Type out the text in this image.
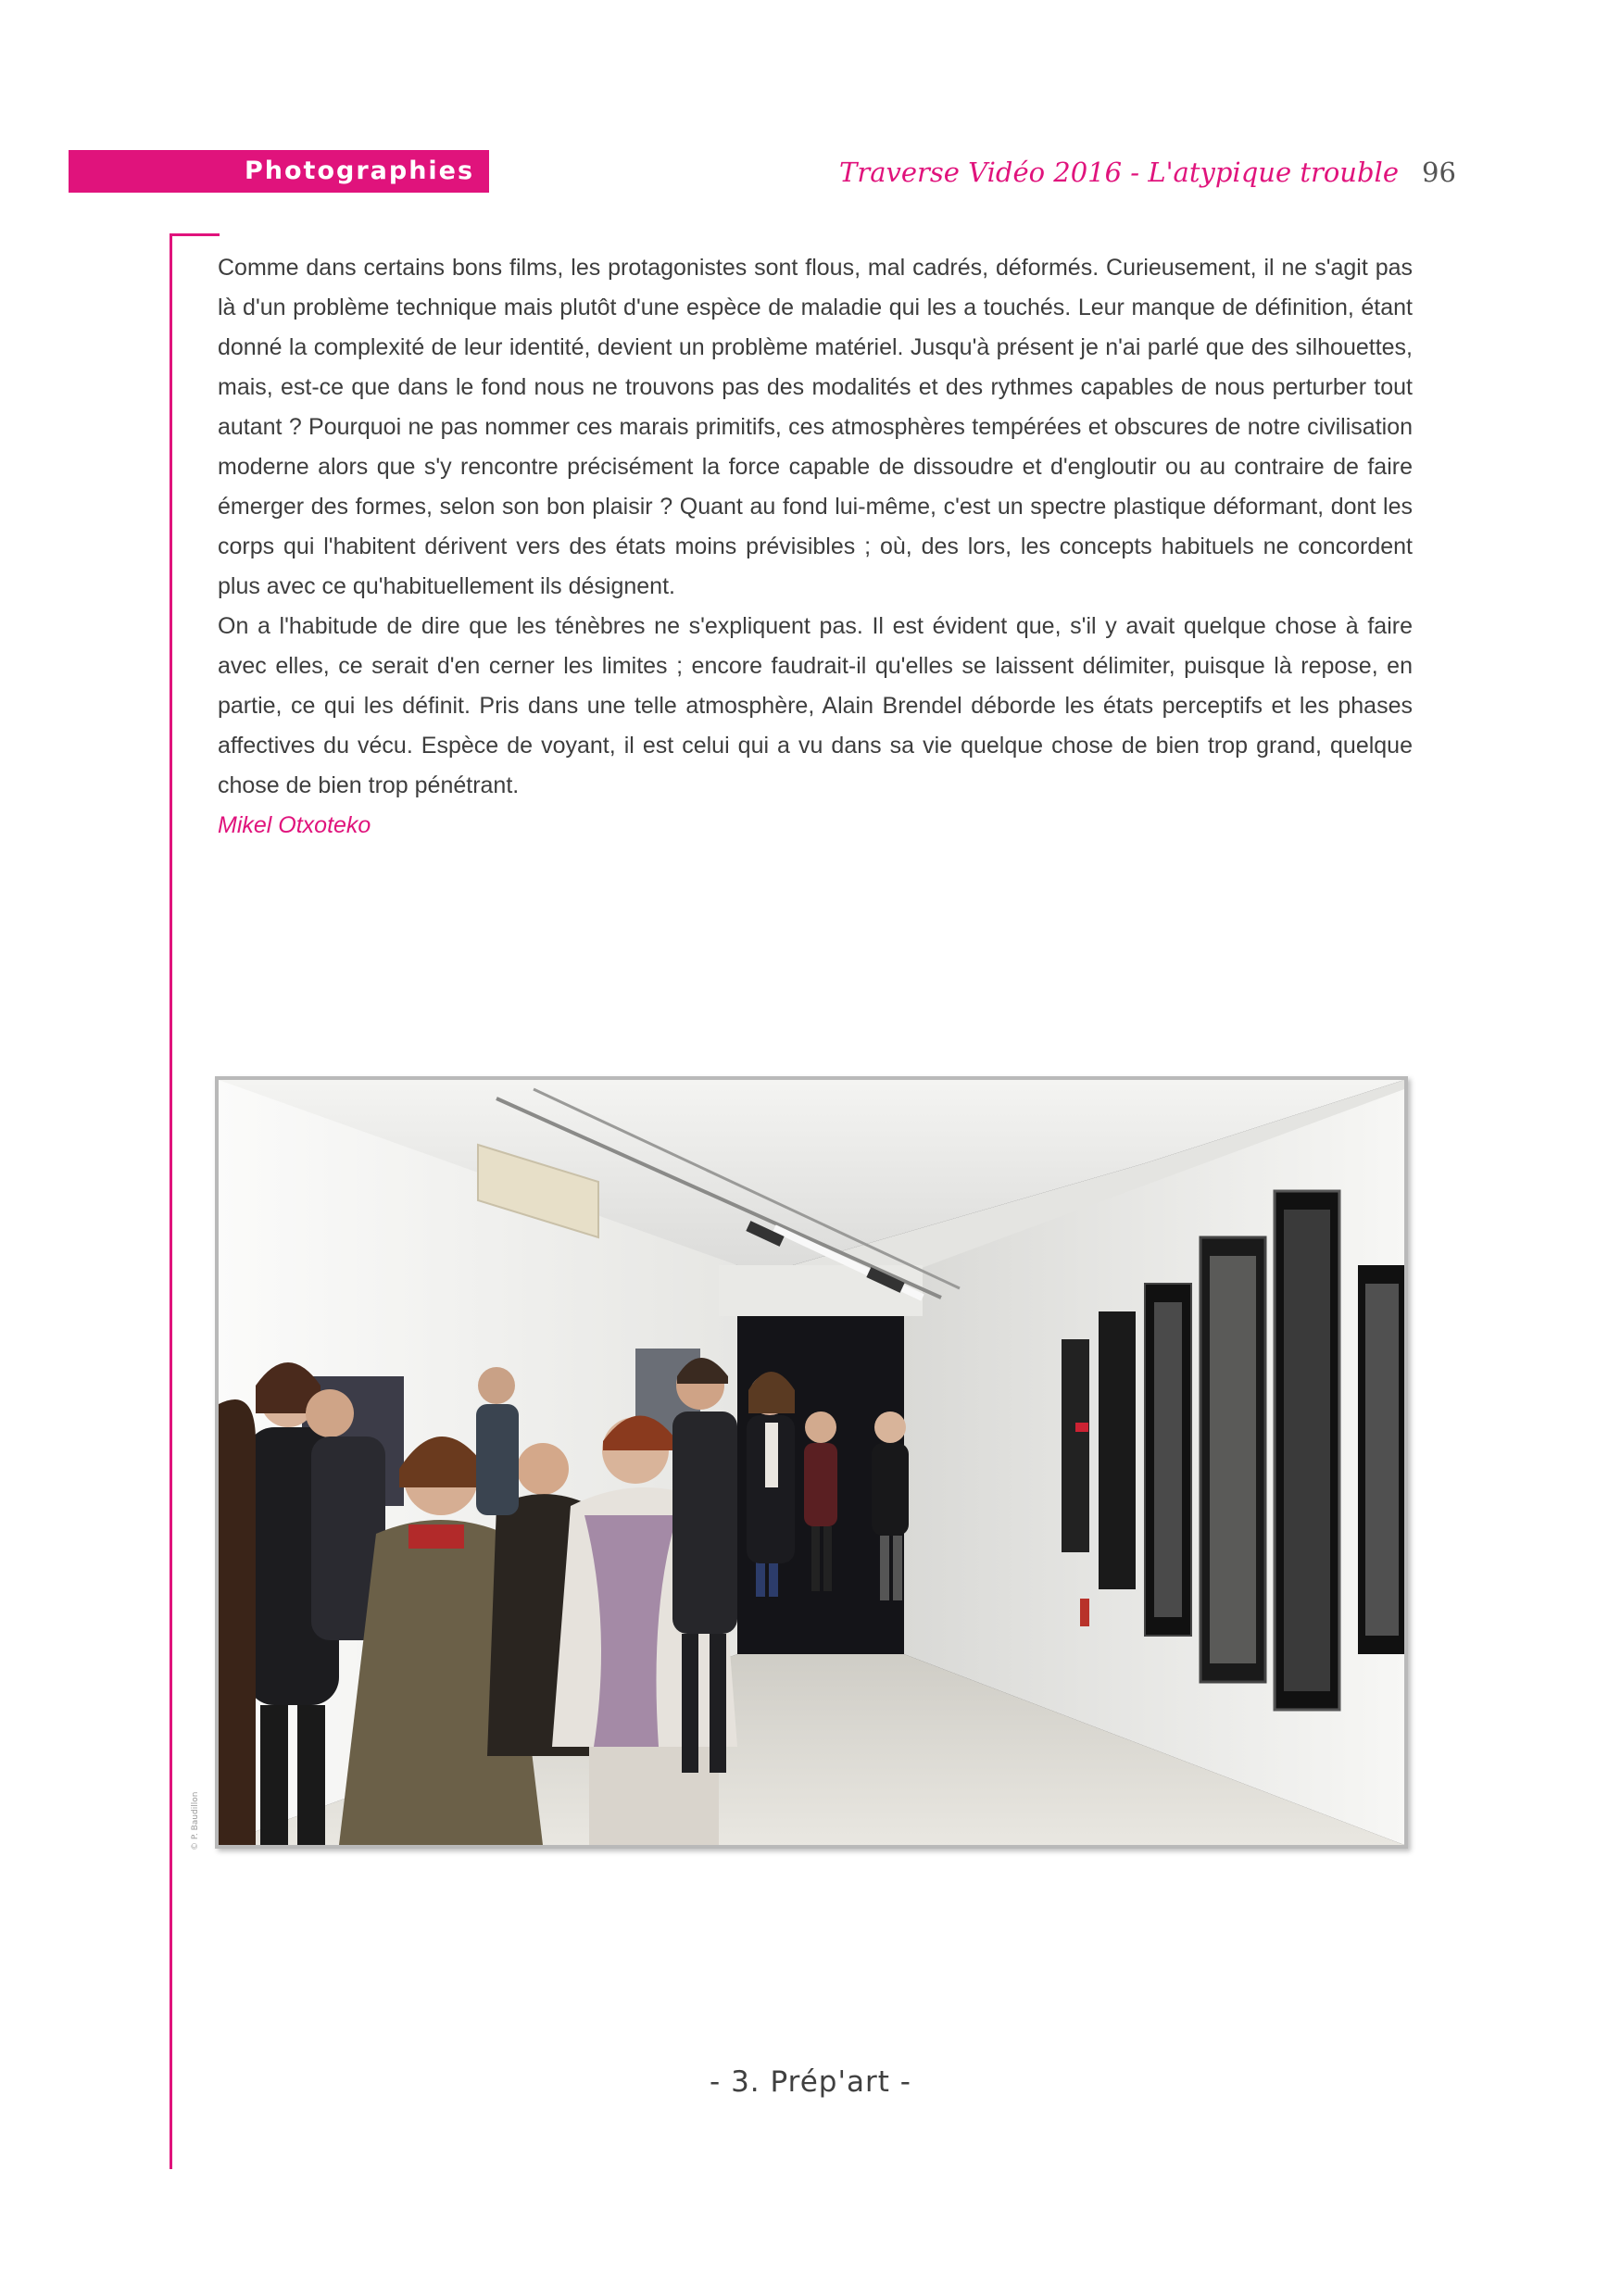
Photographies	Traverse Vidéo 2016 - L'atypique trouble 96

Comme dans certains bons films, les protagonistes sont flous, mal cadrés, déformés. Curieusement, il ne s'agit pas là d'un problème technique mais plutôt d'une espèce de maladie qui les a touchés. Leur manque de définition, étant donné la complexité de leur identité, devient un problème matériel. Jusqu'à présent je n'ai parlé que des silhouettes, mais, est-ce que dans le fond nous ne trouvons pas des modalités et des rythmes capables de nous perturber tout autant ? Pourquoi ne pas nommer ces marais primitifs, ces atmosphères tempérées et obscures de notre civilisation moderne alors que s'y rencontre précisément la force capable de dissoudre et d'engloutir ou au contraire de faire émerger des formes, selon son bon plaisir ? Quant au fond lui-même, c'est un spectre plastique déformant, dont les corps qui l'habitent dérivent vers des états moins prévisibles ; où, des lors, les concepts habituels ne concordent plus avec ce qu'habituellement ils désignent.

On a l'habitude de dire que les ténèbres ne s'expliquent pas. Il est évident que, s'il y avait quelque chose à faire avec elles, ce serait d'en cerner les limites ; encore faudrait-il qu'elles se laissent délimiter, puisque là repose, en partie, ce qui les définit. Pris dans une telle atmosphère, Alain Brendel déborde les états perceptifs et les phases affectives du vécu. Espèce de voyant, il est celui qui a vu dans sa vie quelque chose de bien trop grand, quelque chose de bien trop pénétrant.

Mikel Otxoteko

© P. Baudillon
- 3. Prép'art -
